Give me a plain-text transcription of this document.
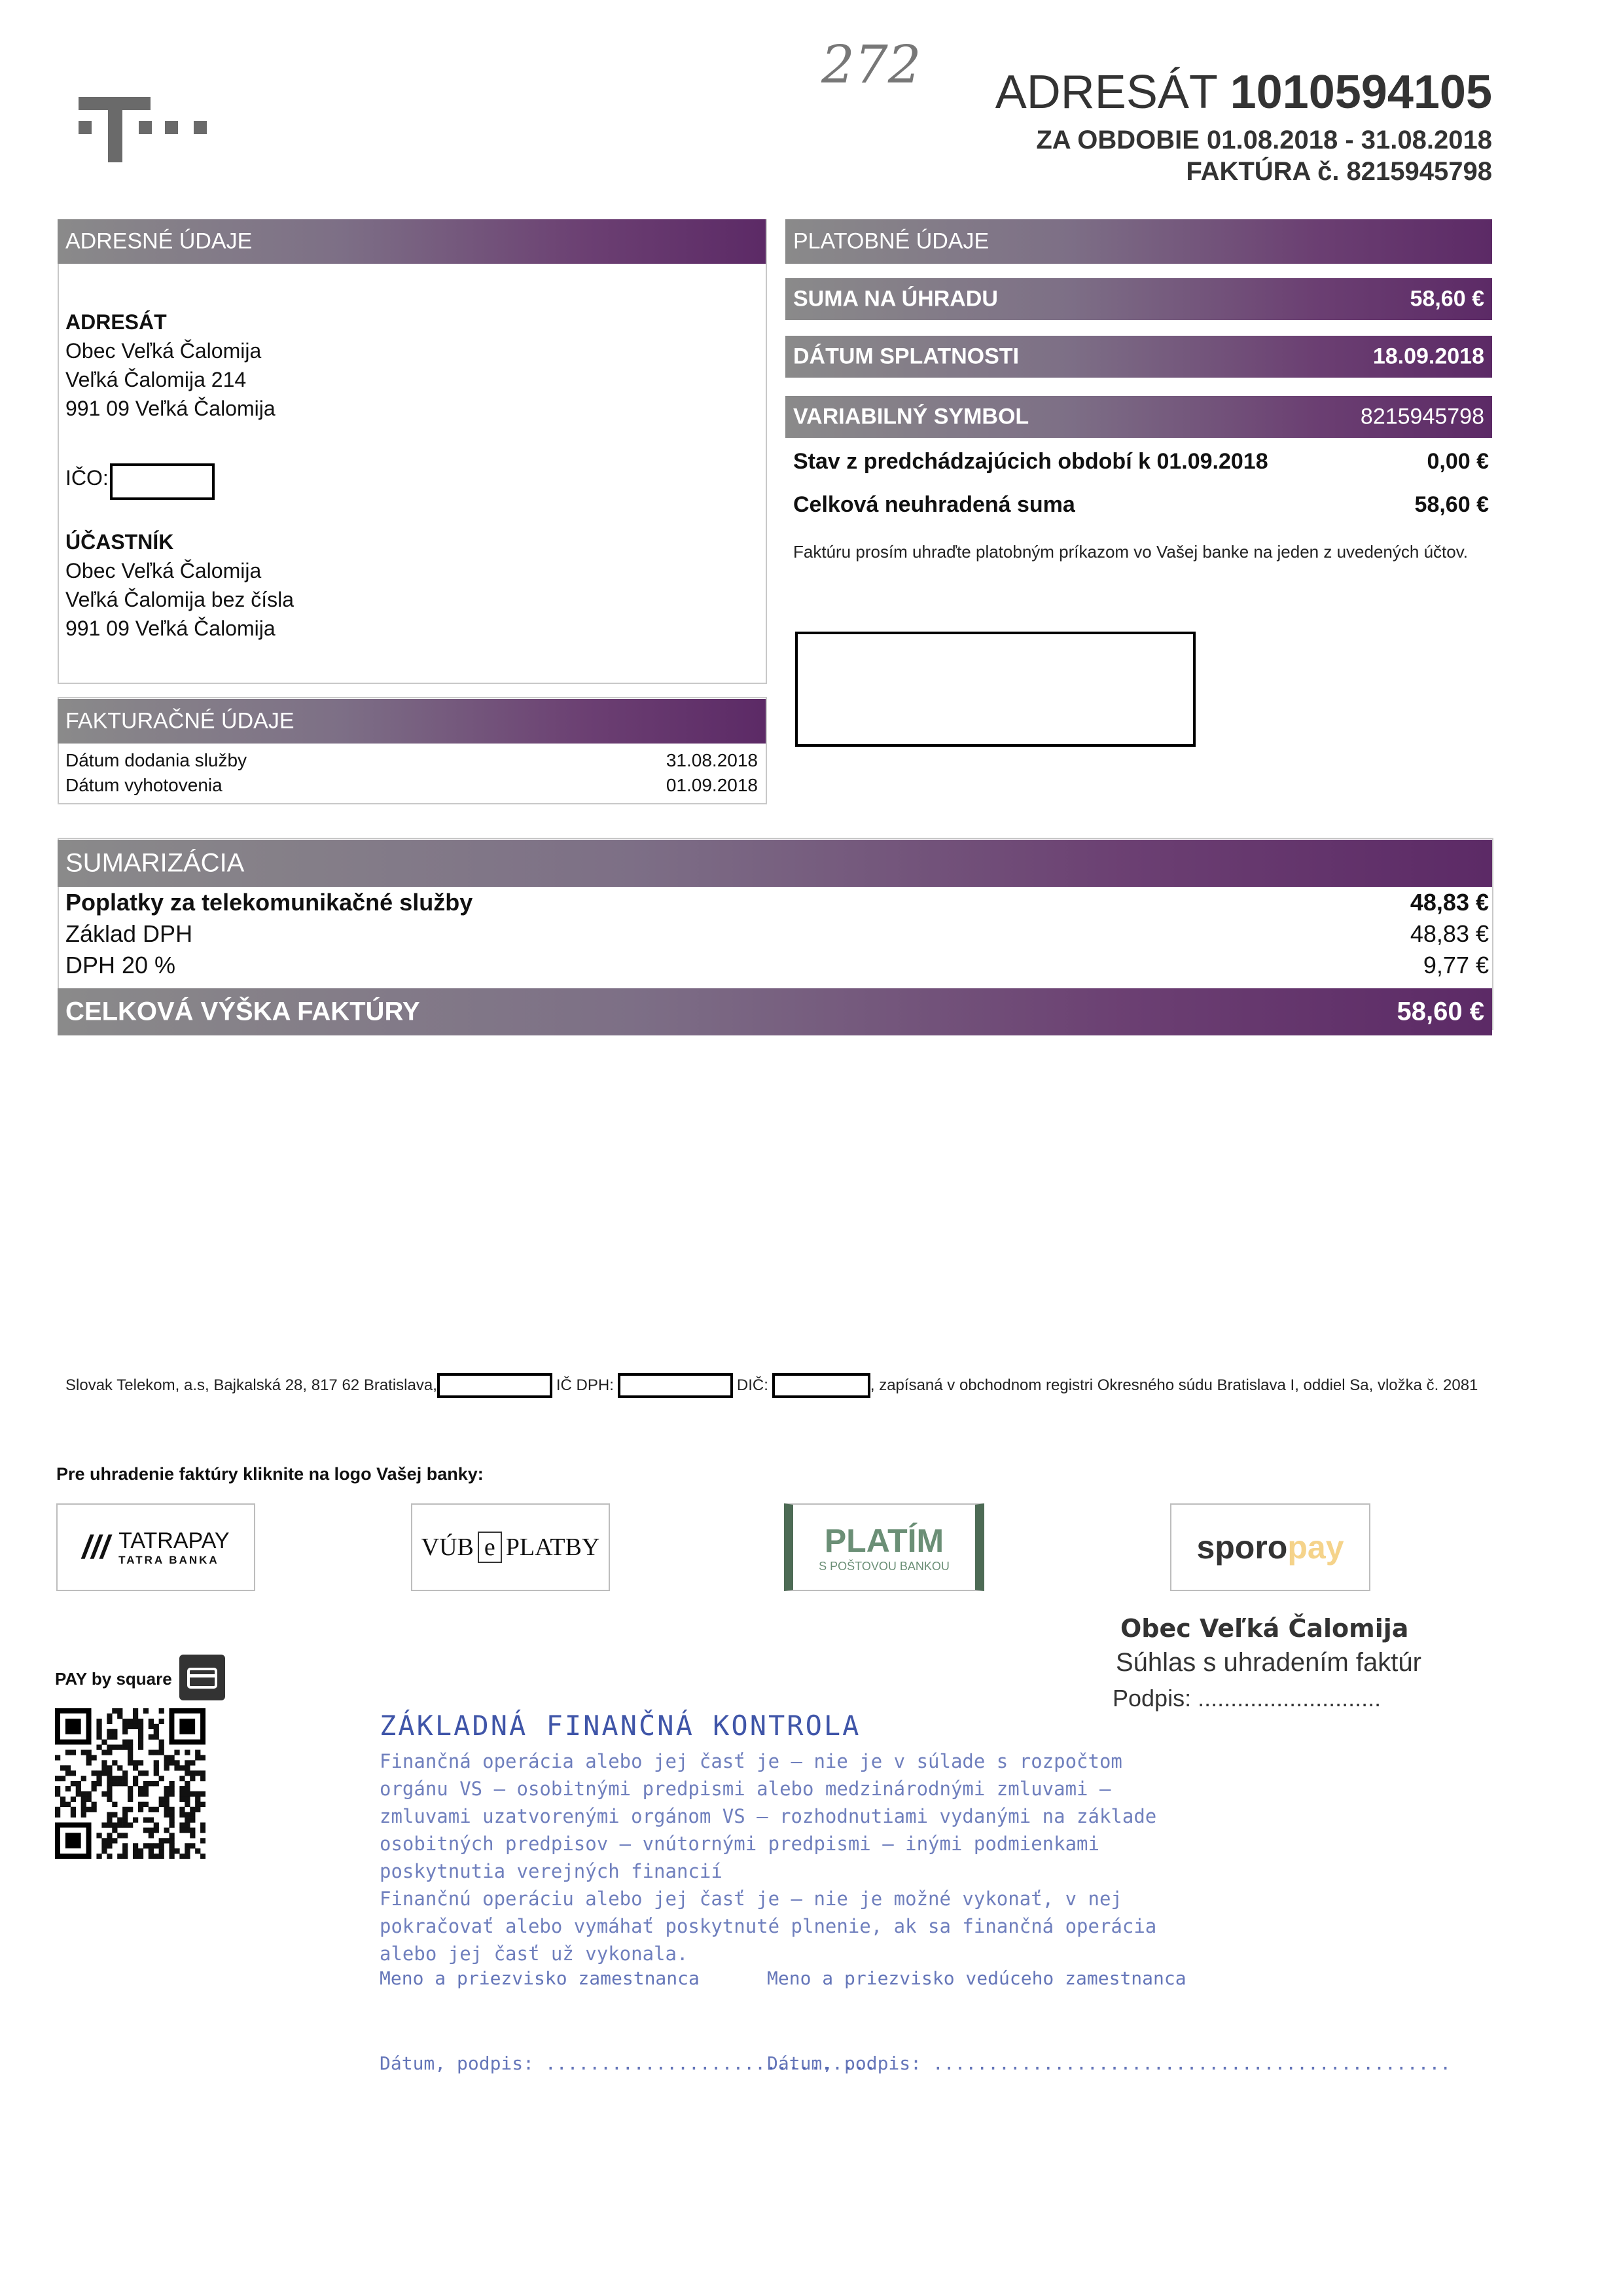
272 ADRESÁT 1010594105
ZA OBDOBIE 01.08.2018 - 31.08.2018
FAKTÚRA č. 8215945798
ADRESNÉ ÚDAJE
ADRESÁT
Obec Veľká Čalomija
Veľká Čalomija 214
991 09 Veľká Čalomija
IČO:
ÚČASTNÍK
Obec Veľká Čalomija
Veľká Čalomija bez čísla
991 09 Veľká Čalomija
PLATOBNÉ ÚDAJE
SUMA NA ÚHRADU	58,60 €
DÁTUM SPLATNOSTI	18.09.2018
VARIABILNÝ SYMBOL	8215945798
Stav z predchádzajúcich období k 01.09.2018	0,00 €
Celková neuhradená suma	58,60 €
Faktúru prosím uhraďte platobným príkazom vo Vašej banke na jeden z uvedených účtov.
FAKTURAČNÉ ÚDAJE
Dátum dodania služby	31.08.2018
Dátum vyhotovenia	01.09.2018
SUMARIZÁCIA
Poplatky za telekomunikačné služby	48,83 €
Základ DPH	48,83 €
DPH 20 %	9,77 €
CELKOVÁ VÝŠKA FAKTÚRY	58,60 €
Slovak Telekom, a.s, Bajkalská 28, 817 62 Bratislava,	IČ DPH:	DIČ:	, zapísaná v obchodnom registri Okresného súdu Bratislava I, oddiel Sa, vložka č. 2081
Pre uhradenie faktúry kliknite na logo Vašej banky:
/// TATRAPAY
TATRA BANKA	VÚB e PLATBY	PLATÍM
S POŠTOVOU BANKOU
sporo pay
PAY by square
Obec Veľká Čalomija
Súhlas s uhradením faktúr
Podpis: ............................
ZÁKLADNÁ FINANČNÁ KONTROLA
Finančná operácia alebo jej časť je – nie je v súlade s rozpočtom orgánu VS – osobitnými predpismi alebo medzinárodnými zmluvami – zmluvami uzatvorenými orgánom VS – rozhodnutiami vydanými na základe osobitných predpisov – vnútornými predpismi – inými podmienkami poskytnutia verejných financií
Finančnú operáciu alebo jej časť je – nie je možné vykonať, v nej pokračovať alebo vymáhať poskytnuté plnenie, ak sa finančná operácia alebo jej časť už vykonala.
Meno a priezvisko zamestnanca	Meno a priezvisko vedúceho zamestnanca
Dátum, podpis: ..............................
Dátum, podpis: ...............................................
